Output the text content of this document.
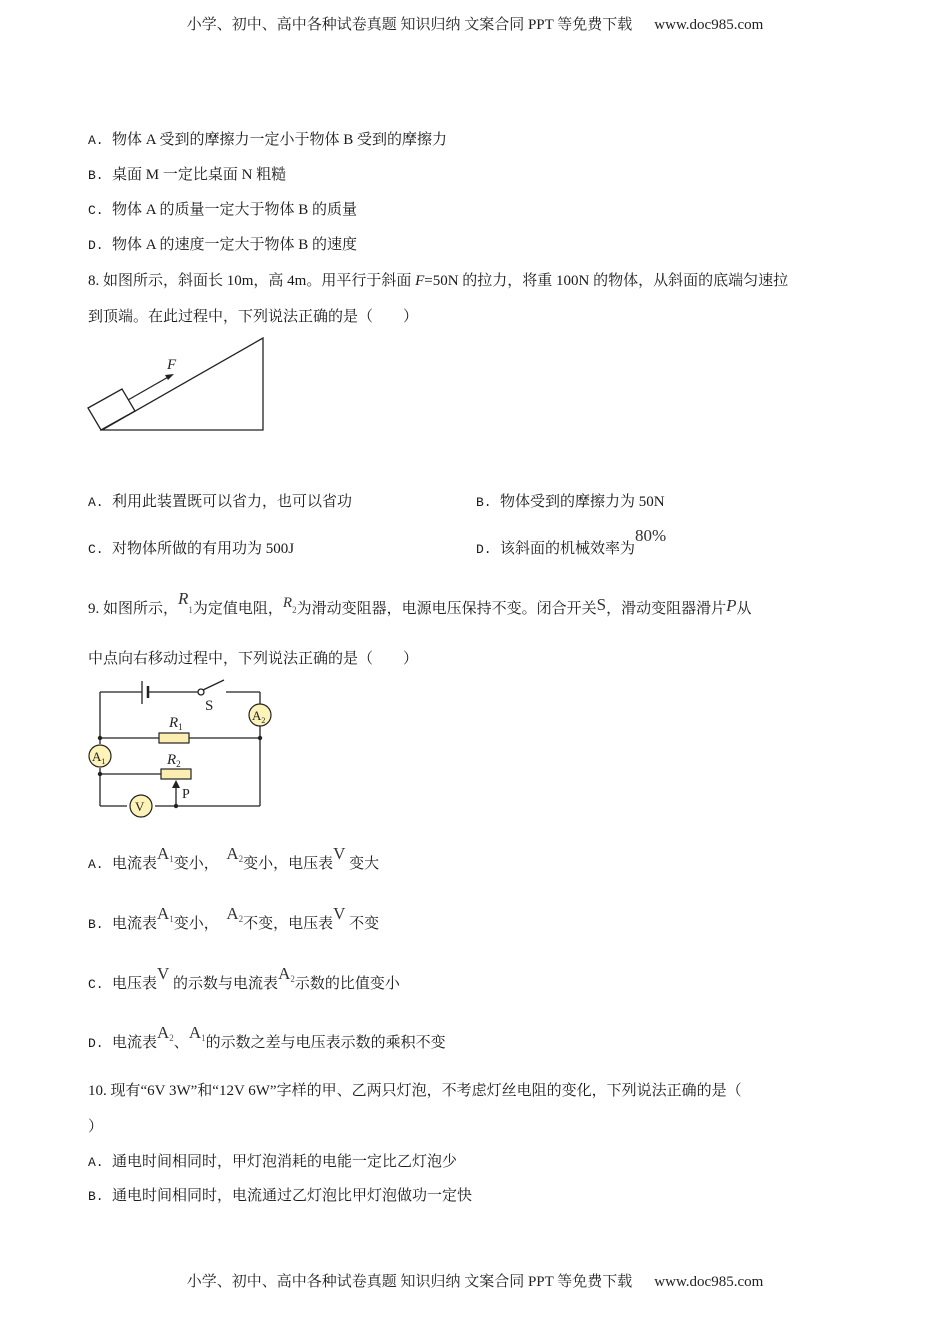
小学、初中、高中各种试卷真题 知识归纳 文案合同 PPT 等免费下载 www.doc985.com
A. 物体 A 受到的摩擦力一定小于物体 B 受到的摩擦力
B. 桌面 M 一定比桌面 N 粗糙
C. 物体 A 的质量一定大于物体 B 的质量
D. 物体 A 的速度一定大于物体 B 的速度
8. 如图所示，斜面长 10m，高 4m。用平行于斜面 F=50N 的拉力，将重 100N 的物体，从斜面的底端匀速拉
到顶端。在此过程中，下列说法正确的是（　　）
F
A. 利用此装置既可以省力，也可以省功	B. 物体受到的摩擦力为 50N
C. 对物体所做的有用功为 500J	D. 该斜面的机械效率为80%
9. 如图所示，R1为定值电阻，R2为滑动变阻器，电源电压保持不变。闭合开关S，滑动变阻器滑片P从
中点向右移动过程中，下列说法正确的是（　　）
S
$A_2$
$A_1$
V
$R_1$
$R_2$
P
A. 电流表$A^1$变小，  $A^2$变小，电压表V 变大
B. 电流表$A^1$变小，  $A^2$不变，电压表V 不变
C. 电压表V 的示数与电流表$A^2$示数的比值变小
D. 电流表$A^2$、$A^1$的示数之差与电压表示数的乘积不变
10. 现有“6V 3W”和“12V 6W”字样的甲、乙两只灯泡，不考虑灯丝电阻的变化，下列说法正确的是（
）
A. 通电时间相同时，甲灯泡消耗的电能一定比乙灯泡少
B. 通电时间相同时，电流通过乙灯泡比甲灯泡做功一定快
小学、初中、高中各种试卷真题 知识归纳 文案合同 PPT 等免费下载 www.doc985.com
